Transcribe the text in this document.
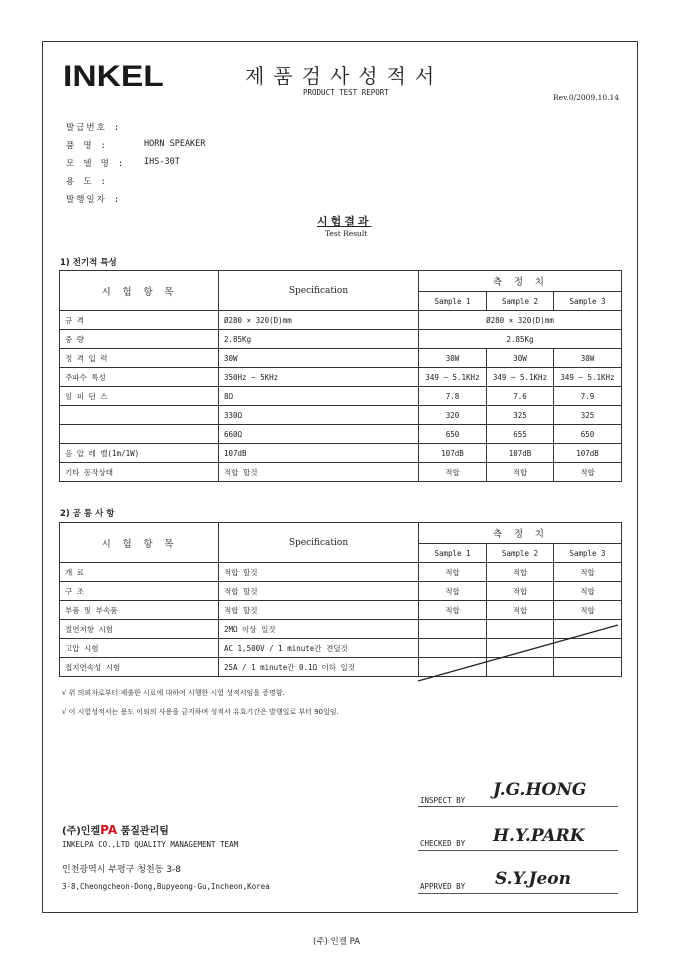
INKEL	제품검사성적서
PRODUCT TEST REPORT
Rev.0/2009.10.14
발급번호 :
품 명 :	HORN SPEAKER
모 델 명 :	IHS-30T
용 도 :
발행일자 :
시험결과
Test Result
1) 전기적 특성
시 험 항 목	Specification	측 정 치		
		Sample 1	Sample 2	Sample 3
규 격	Ø280 × 320(D)mm	Ø280 × 320(D)mm		
중 량	2.85Kg	2.85Kg		
정 격 입 력	30W	30W	30W	30W
주파수 특성	350Hz ~ 5KHz	349 ~ 5.1KHz	349 ~ 5.1KHz	349 ~ 5.1KHz
임 피 던 스	8Ω	7.8	7.6	7.9
	330Ω	320	325	325
	660Ω	650	655	650
음 압 레 벨(1m/1W)	107dB	107dB	107dB	107dB
기타 동작상태	적합 할것	적합	적합	적합
2) 공 통 사 항
시 험 항 목	Specification	측 정 치		
		Sample 1	Sample 2	Sample 3
개 료	적합 할것	적합	적합	적합
구 조	적합 할것	적합	적합	적합
부품 및 부속품	적합 할것	적합	적합	적합
절연저항 시험	2MΩ 이상 일것			
고압 시험	AC 1,500V / 1 minute간 견딜것			
접지연속성 시험	25A / 1 minute간 0.1Ω 이하 일것			
√ 위 의뢰자로부터 제출한 시료에 대하여 시행한 시험 성적서임을 증명함.
√ 이 시험성적서는 용도 이외의 사용을 금지하며 성적서 유효기간은 발행일로 부터 90일임.
INSPECT BY
J.G.HONG
CHECKED BY H.Y.PARK
APPRVED BY S.Y.Jeon
(주)인켈PA 품질관리팀
INKELPA CO.,LTD QUALITY MANAGEMENT TEAM
인천광역시 부평구 청천동 3-8
3-8,Cheongcheon-Dong,Bupyeong-Gu,Incheon,Korea
(주) 인켈 PA
